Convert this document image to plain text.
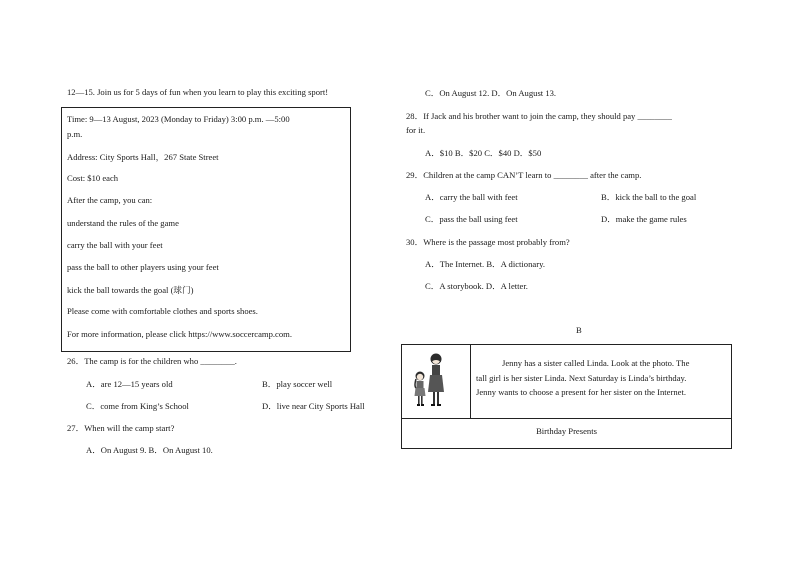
12—15. Join us for 5 days of fun when you learn to play this exciting sport!
Time: 9—13 August, 2023 (Monday to Friday) 3:00 p.m. —5:00
p.m.
Address: City Sports Hall，267 State Street
Cost: $10 each
After the camp, you can:
understand the rules of the game
carry the ball with your feet
pass the ball to other players using your feet
kick the ball towards the goal (球门)
Please come with comfortable clothes and sports shoes.
For more information, please click https://www.soccercamp.com.
26．The camp is for the children who ________.
A．are 12—15 years old	B．play soccer well
C．come from King’s School	D．live near City Sports Hall
27．When will the camp start?
A．On August 9. B．On August 10.
C．On August 12. D．On August 13.
28．If Jack and his brother want to join the camp, they should pay ________
for it.
A．$10 B．$20 C．$40 D．$50
29．Children at the camp CAN’T learn to ________ after the camp.
A．carry the ball with feet	B．kick the ball to the goal
C．pass the ball using feet	D．make the game rules
30．Where is the passage most probably from?
A．The Internet. B．A dictionary.
C．A storybook. D．A letter.
B
Jenny has a sister called Linda. Look at the photo. The
tall girl is her sister Linda. Next Saturday is Linda’s birthday.
Jenny wants to choose a present for her sister on the Internet.
Birthday Presents
